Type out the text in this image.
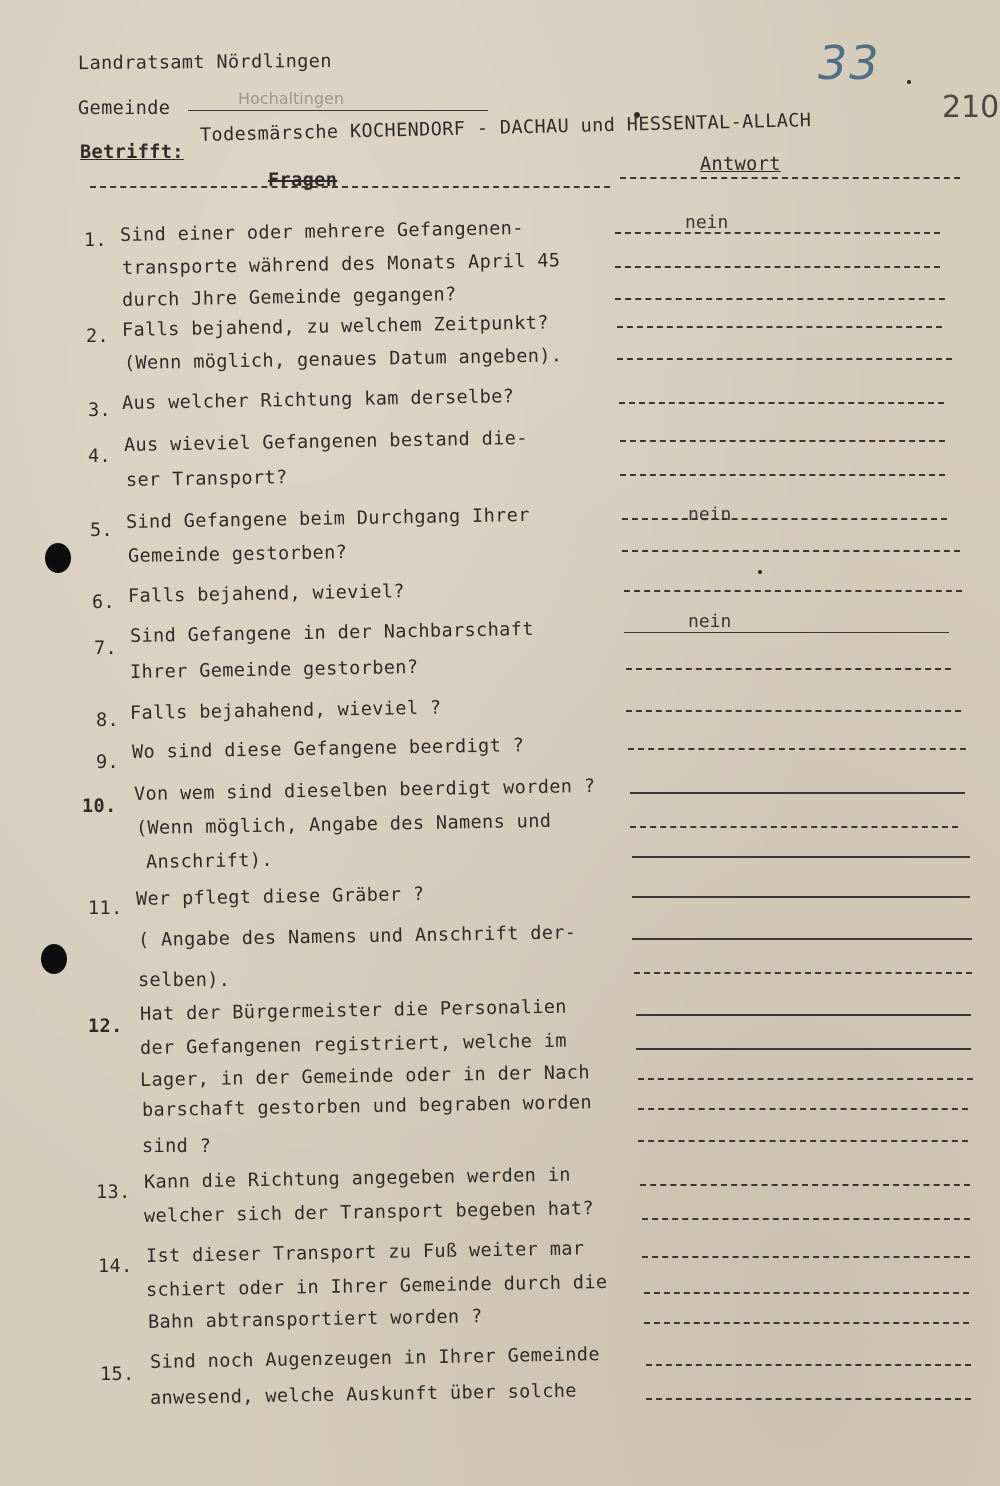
Landratsamt Nördlingen	33
210
Gemeinde	Hochaltingen
Betrifft:
Todesmärsche KOCHENDORF - DACHAU und HESSENTAL-ALLACH
Fragen
Antwort
1. Sind einer oder mehrere Gefangenen-
transporte während des Monats April 45
durch Jhre Gemeinde gegangen?
nein
2. Falls bejahend, zu welchem Zeitpunkt?
(Wenn möglich, genaues Datum angeben).
3. Aus welcher Richtung kam derselbe?
4.
Aus wieviel Gefangenen bestand die-
ser Transport?
5. Sind Gefangene beim Durchgang Ihrer
Gemeinde gestorben?
nein
6. Falls bejahend, wieviel?
7.
Sind Gefangene in der Nachbarschaft
Ihrer Gemeinde gestorben?
nein
8. Falls bejahahend, wieviel ?
9. Wo sind diese Gefangene beerdigt ?
10.
Von wem sind dieselben beerdigt worden ?
(Wenn möglich, Angabe des Namens und
Anschrift).
11. Wer pflegt diese Gräber ?
( Angabe des Namens und Anschrift der-
selben).
12.
Hat der Bürgermeister die Personalien
der Gefangenen registriert, welche im
Lager, in der Gemeinde oder in der Nach
barschaft gestorben und begraben worden
sind ?
13. Kann die Richtung angegeben werden in
welcher sich der Transport begeben hat?
14. Ist dieser Transport zu Fuß weiter mar
schiert oder in Ihrer Gemeinde durch die
Bahn abtransportiert worden ?
15.
Sind noch Augenzeugen in Ihrer Gemeinde
anwesend, welche Auskunft über solche
